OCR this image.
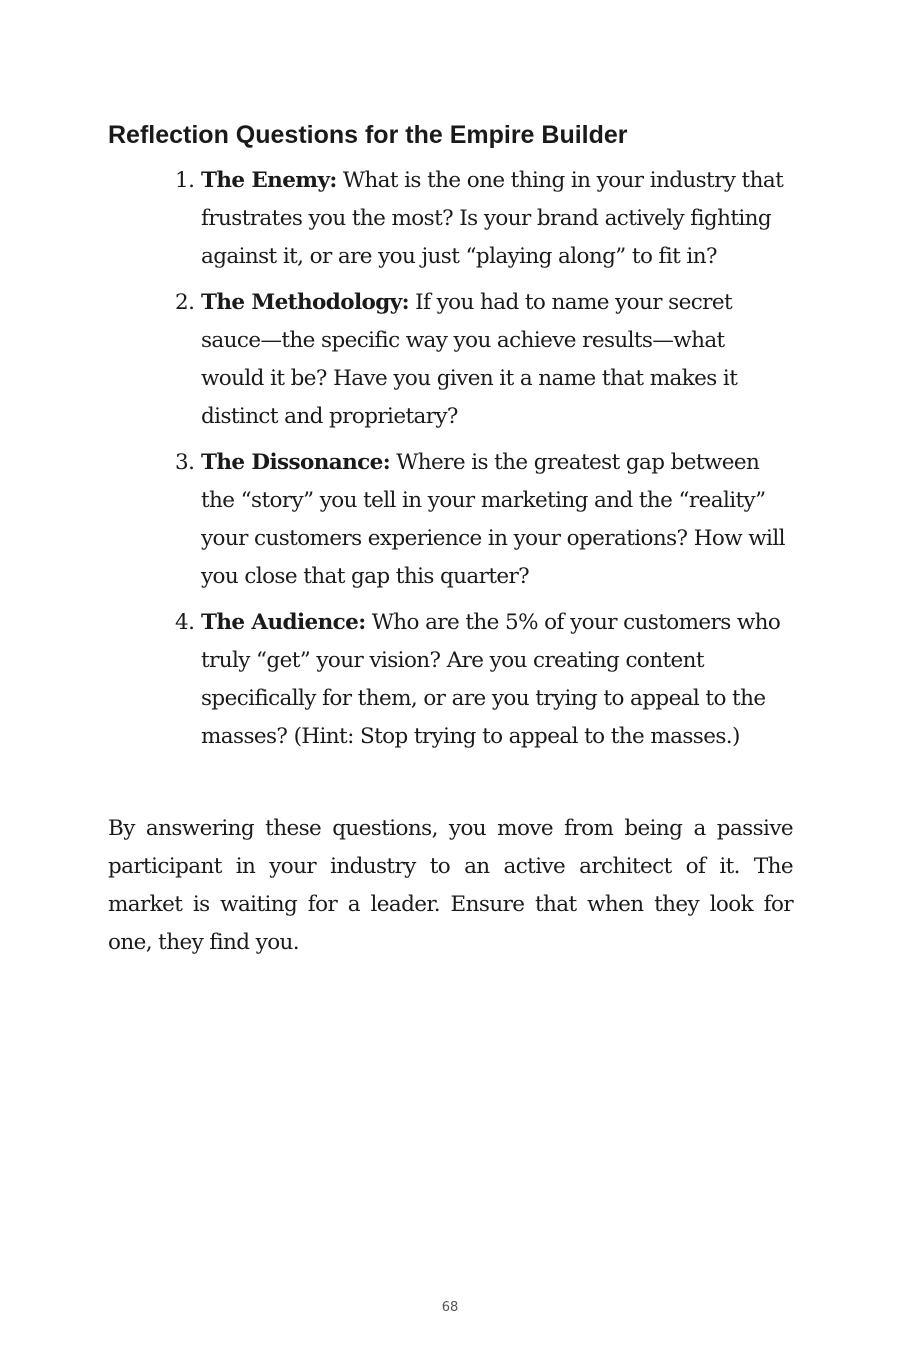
Reflection Questions for the Empire Builder
1. The Enemy: What is the one thing in your industry that frustrates you the most? Is your brand actively fighting against it, or are you just “playing along” to fit in?
2. The Methodology: If you had to name your secret sauce—the specific way you achieve results—what would it be? Have you given it a name that makes it distinct and proprietary?
3. The Dissonance: Where is the greatest gap between the “story” you tell in your marketing and the “reality” your customers experience in your operations? How will you close that gap this quarter?
4. The Audience: Who are the 5% of your customers who truly “get” your vision? Are you creating content specifically for them, or are you trying to appeal to the masses? (Hint: Stop trying to appeal to the masses.)

By answering these questions, you move from being a passive participant in your industry to an active architect of it. The market is waiting for a leader. Ensure that when they look for one, they find you.

68
